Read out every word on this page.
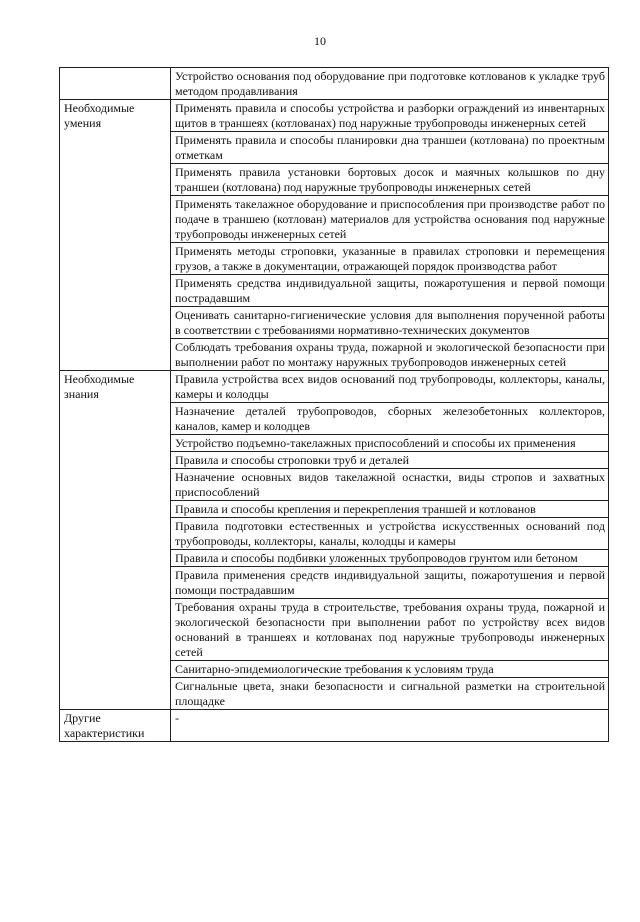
10
	Устройство основания под оборудование при подготовке котлованов к укладке труб методом продавливания
Необходимые умения	Применять правила и способы устройства и разборки ограждений из инвентарных щитов в траншеях (котлованах) под наружные трубопроводы инженерных сетей
	Применять правила и способы планировки дна траншеи (котлована) по проектным отметкам
	Применять правила установки бортовых досок и маячных колышков по дну траншеи (котлована) под наружные трубопроводы инженерных сетей
	Применять такелажное оборудование и приспособления при производстве работ по подаче в траншею (котлован) материалов для устройства основания под наружные трубопроводы инженерных сетей
	Применять методы строповки, указанные в правилах строповки и перемещения грузов, а также в документации, отражающей порядок производства работ
	Применять средства индивидуальной защиты, пожаротушения и первой помощи пострадавшим
	Оценивать санитарно-гигиенические условия для выполнения порученной работы в соответствии с требованиями нормативно-технических документов
	Соблюдать требования охраны труда, пожарной и экологической безопасности при выполнении работ по монтажу наружных трубопроводов инженерных сетей
Необходимые знания	Правила устройства всех видов оснований под трубопроводы, коллекторы, каналы, камеры и колодцы
	Назначение деталей трубопроводов, сборных железобетонных коллекторов, каналов, камер и колодцев
	Устройство подъемно-такелажных приспособлений и способы их применения
	Правила и способы строповки труб и деталей
	Назначение основных видов такелажной оснастки, виды стропов и захватных приспособлений
	Правила и способы крепления и перекрепления траншей и котлованов
	Правила подготовки естественных и устройства искусственных оснований под трубопроводы, коллекторы, каналы, колодцы и камеры
	Правила и способы подбивки уложенных трубопроводов грунтом или бетоном
	Правила применения средств индивидуальной защиты, пожаротушения и первой помощи пострадавшим
	Требования охраны труда в строительстве, требования охраны труда, пожарной и экологической безопасности при выполнении работ по устройству всех видов оснований в траншеях и котлованах под наружные трубопроводы инженерных сетей
	Санитарно-эпидемиологические требования к условиям труда
	Сигнальные цвета, знаки безопасности и сигнальной разметки на строительной площадке
Другие характеристики	-
